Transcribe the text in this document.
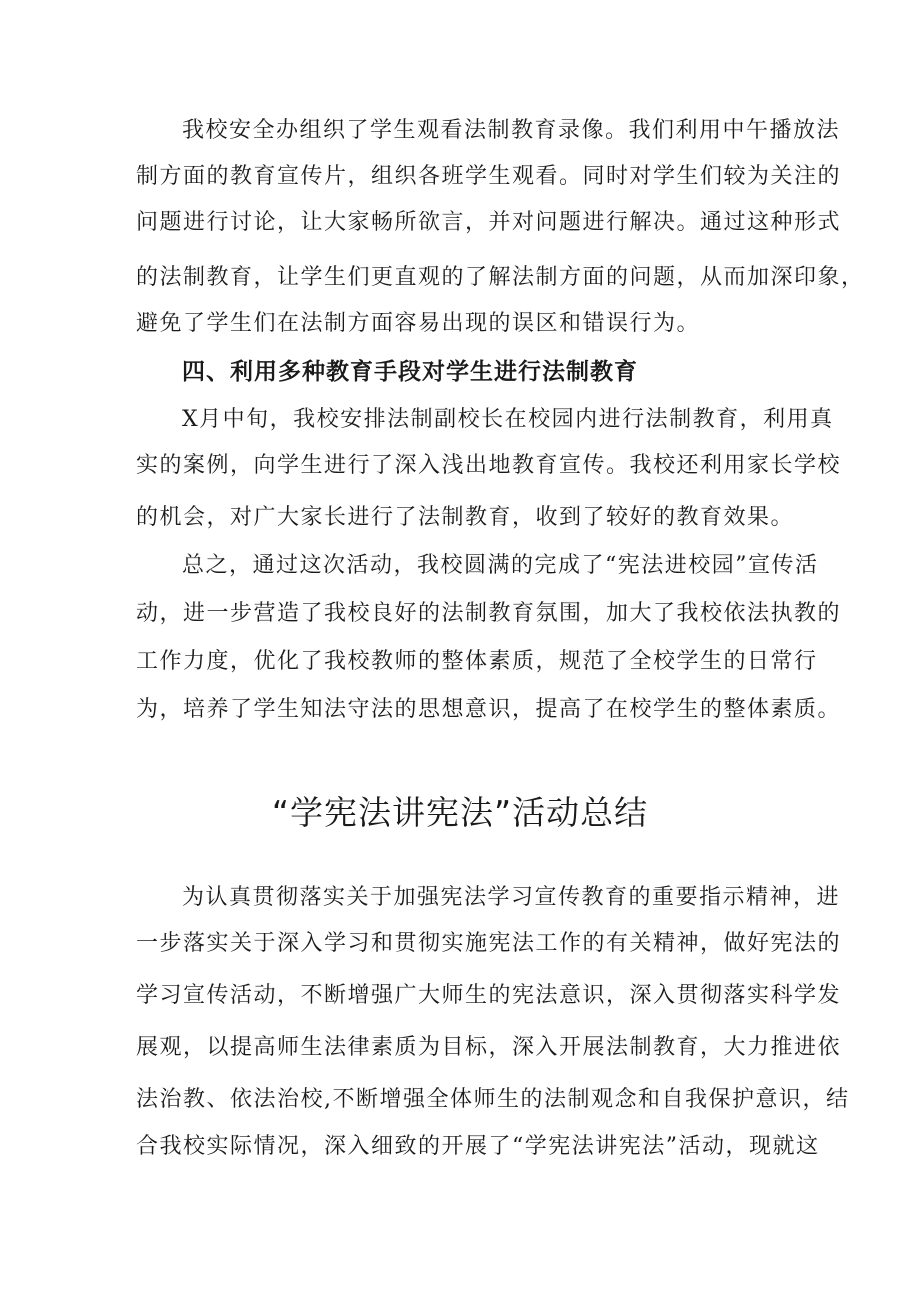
我校安全办组织了学生观看法制教育录像。我们利用中午播放法
制方面的教育宣传片，组织各班学生观看。同时对学生们较为关注的
问题进行讨论，让大家畅所欲言，并对问题进行解决。通过这种形式
的法制教育，让学生们更直观的了解法制方面的问题，从而加深印象，
避免了学生们在法制方面容易出现的误区和错误行为。
四、利用多种教育手段对学生进行法制教育
X月中旬，我校安排法制副校长在校园内进行法制教育，利用真
实的案例，向学生进行了深入浅出地教育宣传。我校还利用家长学校
的机会，对广大家长进行了法制教育，收到了较好的教育效果。
总之，通过这次活动，我校圆满的完成了“宪法进校园”宣传活
动，进一步营造了我校良好的法制教育氛围，加大了我校依法执教的
工作力度，优化了我校教师的整体素质，规范了全校学生的日常行
为，培养了学生知法守法的思想意识，提高了在校学生的整体素质。
“学宪法讲宪法”活动总结
为认真贯彻落实关于加强宪法学习宣传教育的重要指示精神，进
一步落实关于深入学习和贯彻实施宪法工作的有关精神，做好宪法的
学习宣传活动，不断增强广大师生的宪法意识，深入贯彻落实科学发
展观，以提高师生法律素质为目标，深入开展法制教育，大力推进依
法治教、依法治校,不断增强全体师生的法制观念和自我保护意识，结
合我校实际情况，深入细致的开展了“学宪法讲宪法”活动，现就这
